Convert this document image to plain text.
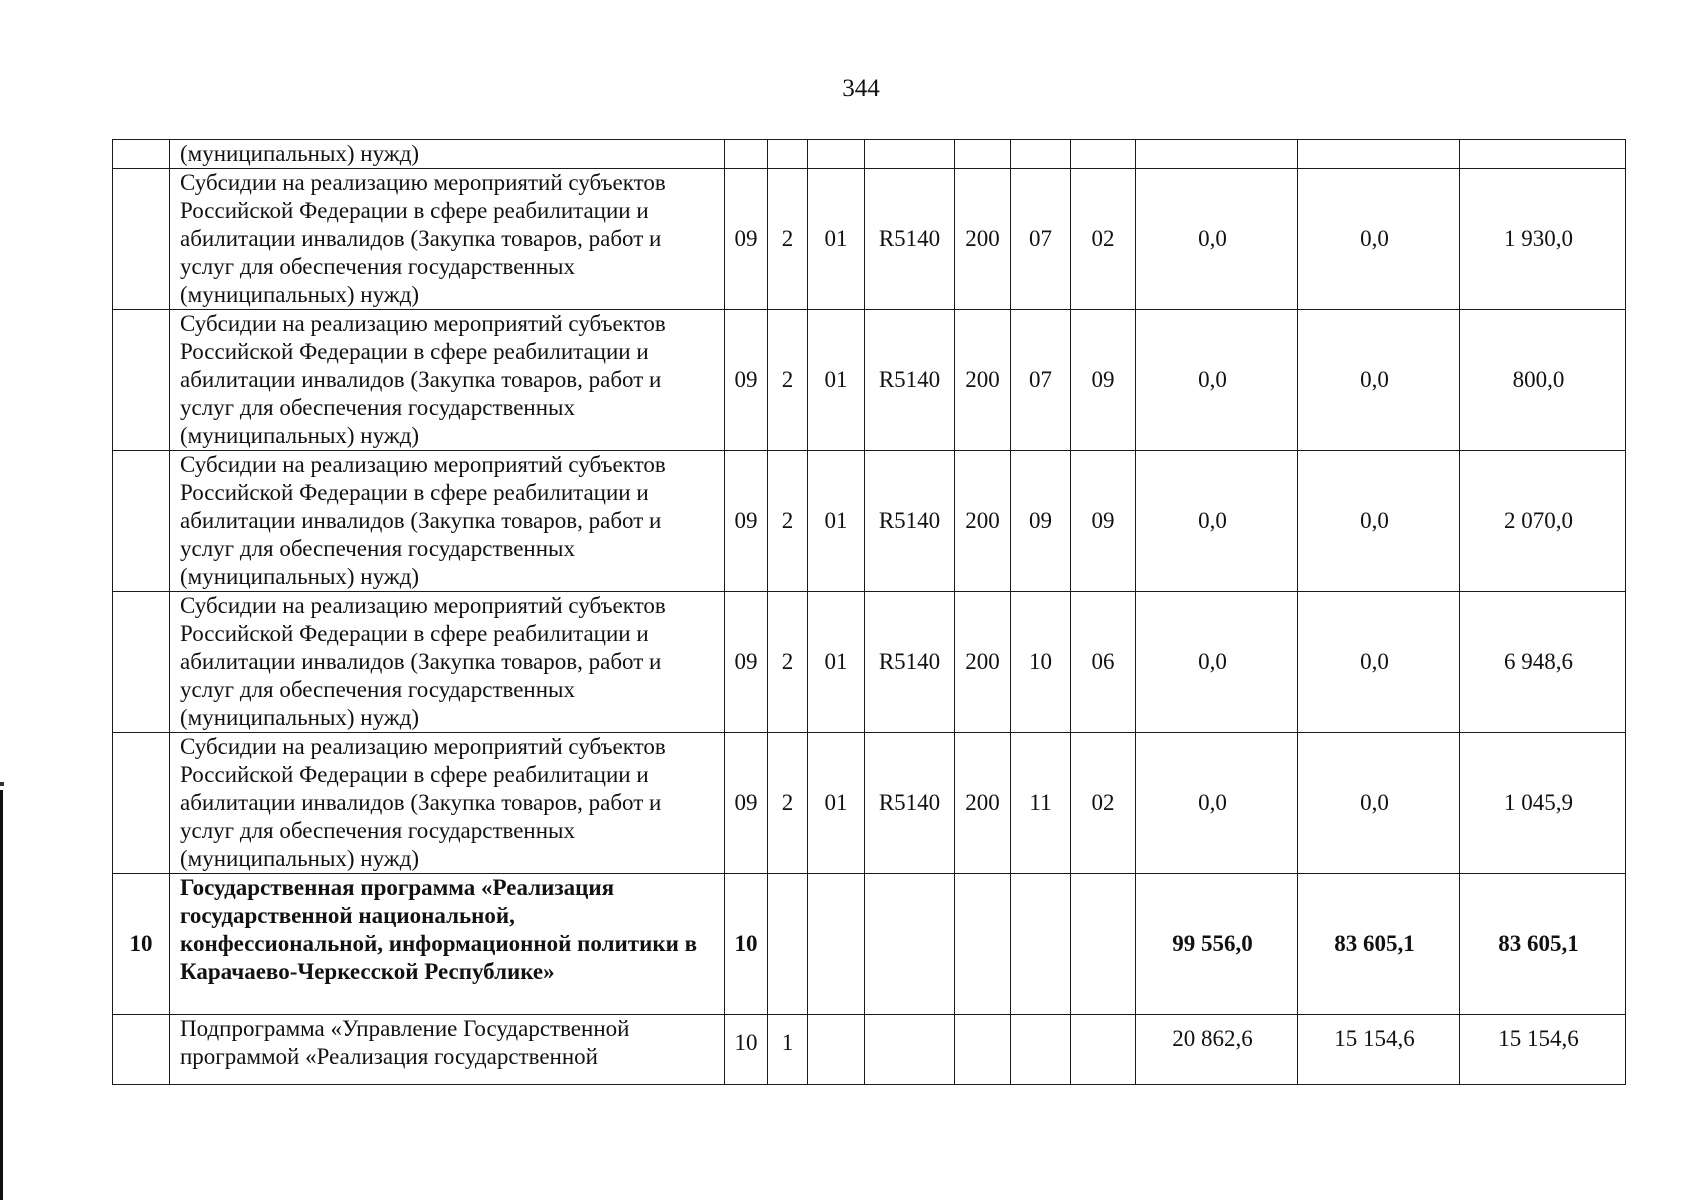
344
	(муниципальных) нужд)										
	Субсидии на реализацию мероприятий субъектов Российской Федерации в сфере реабилитации и абилитации инвалидов (Закупка товаров, работ и услуг для обеспечения государственных (муниципальных) нужд)	09	2	01	R5140	200	07	02	0,0	0,0	1 930,0
	Субсидии на реализацию мероприятий субъектов Российской Федерации в сфере реабилитации и абилитации инвалидов (Закупка товаров, работ и услуг для обеспечения государственных (муниципальных) нужд)	09	2	01	R5140	200	07	09	0,0	0,0	800,0
	Субсидии на реализацию мероприятий субъектов Российской Федерации в сфере реабилитации и абилитации инвалидов (Закупка товаров, работ и услуг для обеспечения государственных (муниципальных) нужд)	09	2	01	R5140	200	09	09	0,0	0,0	2 070,0
	Субсидии на реализацию мероприятий субъектов Российской Федерации в сфере реабилитации и абилитации инвалидов (Закупка товаров, работ и услуг для обеспечения государственных (муниципальных) нужд)	09	2	01	R5140	200	10	06	0,0	0,0	6 948,6
	Субсидии на реализацию мероприятий субъектов Российской Федерации в сфере реабилитации и абилитации инвалидов (Закупка товаров, работ и услуг для обеспечения государственных (муниципальных) нужд)	09	2	01	R5140	200	11	02	0,0	0,0	1 045,9
10	Государственная программа «Реализация государственной национальной, конфессиональной, информационной политики в Карачаево-Черкесской Республике»	10							99 556,0	83 605,1	83 605,1
	Подпрограмма «Управление Государственной программой «Реализация государственной	10	1						20 862,6	15 154,6	15 154,6
